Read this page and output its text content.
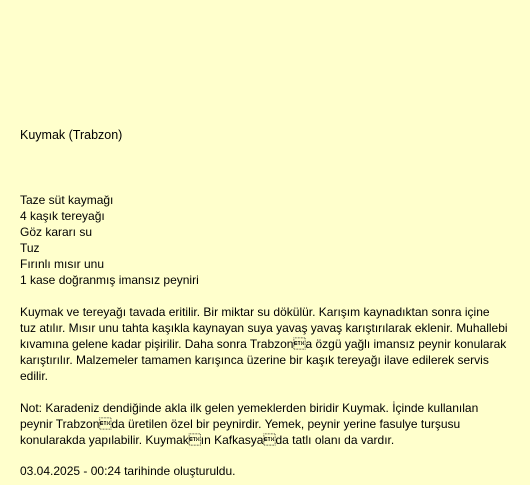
Kuymak (Trabzon)
Taze süt kaymağı
4 kaşık tereyağı
Göz kararı su
Tuz
Fırınlı mısır unu
1 kase doğranmış imansız peyniri

Kuymak ve tereyağı tavada eritilir. Bir miktar su dökülür. Karışım kaynadıktan sonra içine tuz atılır. Mısır unu tahta kaşıkla kaynayan suya yavaş yavaş karıştırılarak eklenir. Muhallebi kıvamına gelene kadar pişirilir. Daha sonra Trabzona özgü yağlı imansız peynir konularak karıştırılır. Malzemeler tamamen karışınca üzerine bir kaşık tereyağı ilave edilerek servis edilir.

Not: Karadeniz dendiğinde akla ilk gelen yemeklerden biridir Kuymak. İçinde kullanılan peynir Trabzonda üretilen özel bir peynirdir. Yemek, peynir yerine fasulye turşusu konularakda yapılabilir. Kuymakın Kafkasyada tatlı olanı da vardır.

03.04.2025 - 00:24 tarihinde oluşturuldu.
